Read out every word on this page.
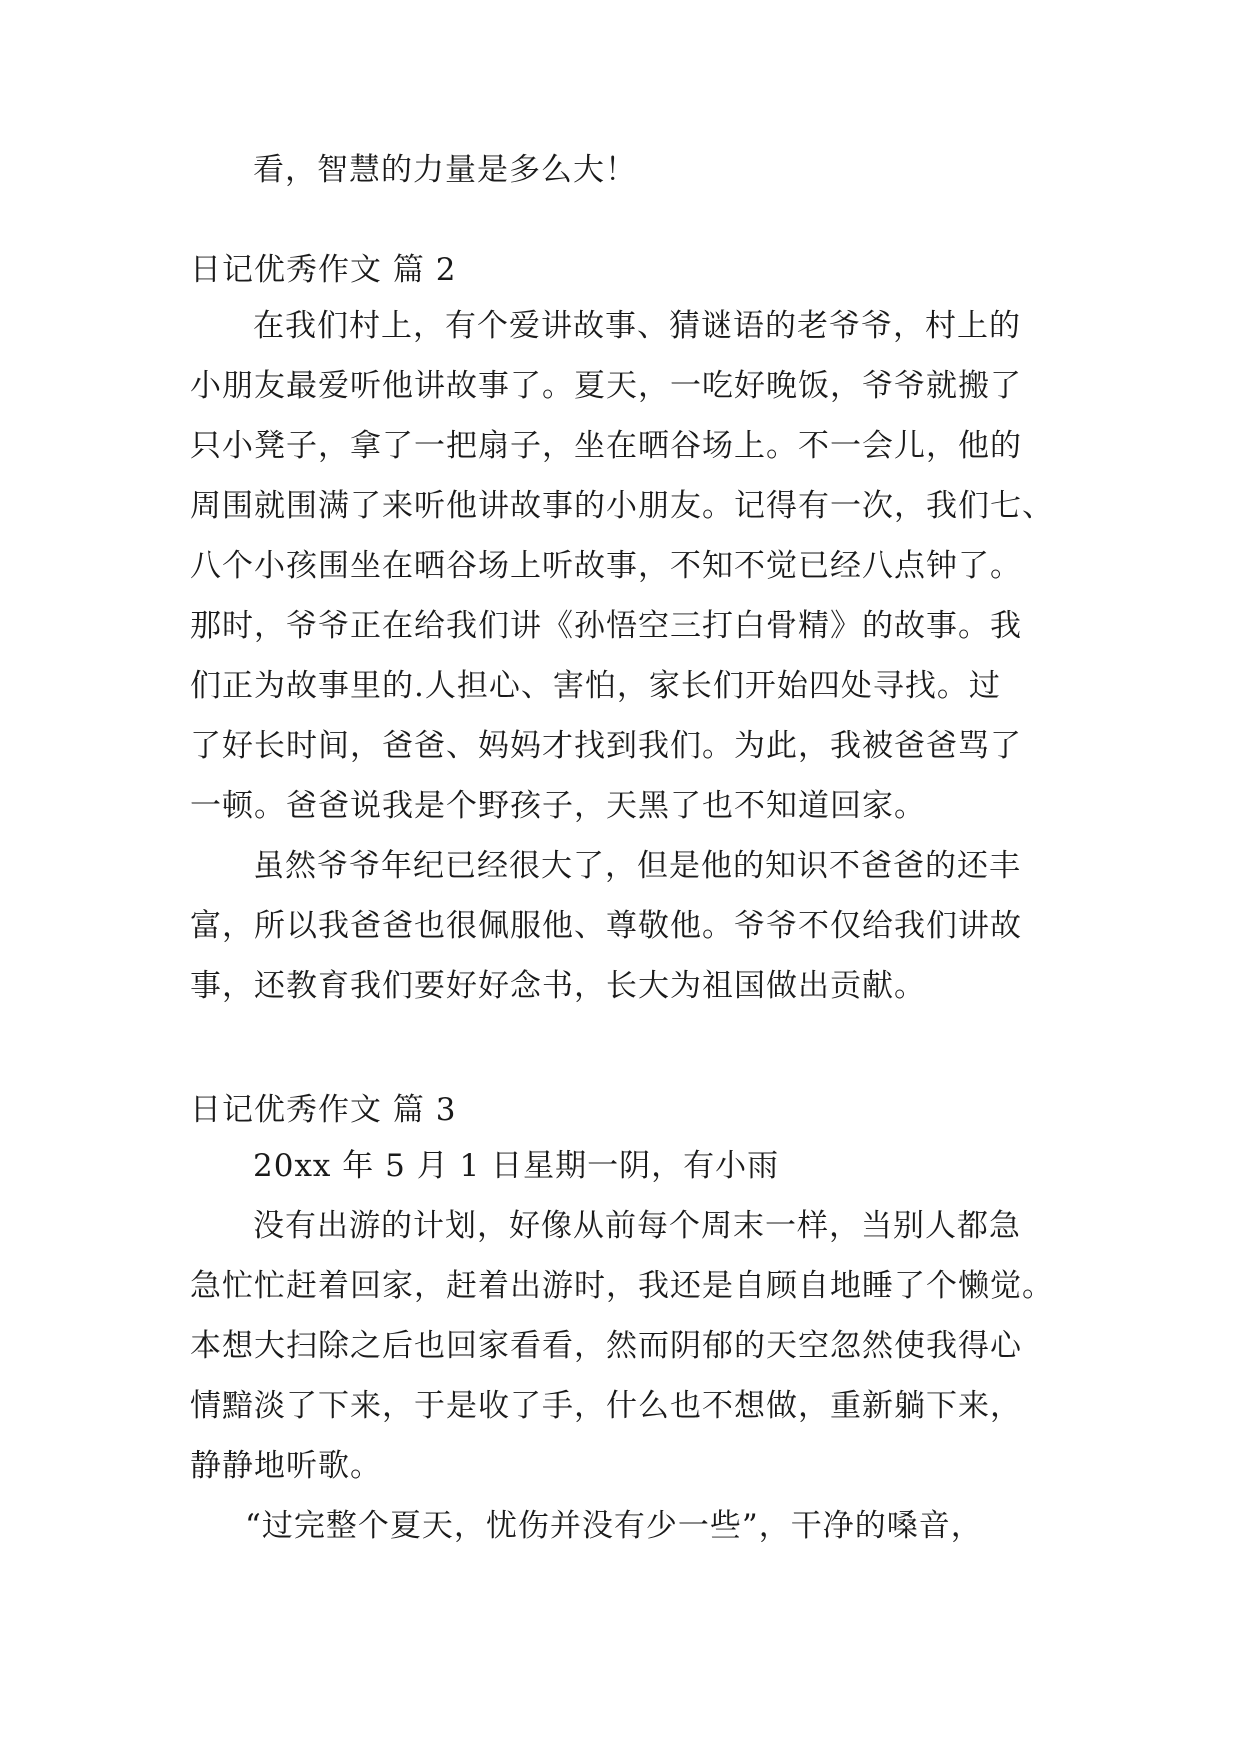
看，智慧的力量是多么大！
日记优秀作文 篇 2
在我们村上，有个爱讲故事、猜谜语的老爷爷，村上的
小朋友最爱听他讲故事了。夏天，一吃好晚饭，爷爷就搬了
只小凳子，拿了一把扇子，坐在晒谷场上。不一会儿，他的
周围就围满了来听他讲故事的小朋友。记得有一次，我们七、
八个小孩围坐在晒谷场上听故事，不知不觉已经八点钟了。
那时，爷爷正在给我们讲《孙悟空三打白骨精》的故事。我
们正为故事里的.人担心、害怕，家长们开始四处寻找。过
了好长时间，爸爸、妈妈才找到我们。为此，我被爸爸骂了
一顿。爸爸说我是个野孩子，天黑了也不知道回家。
虽然爷爷年纪已经很大了，但是他的知识不爸爸的还丰
富，所以我爸爸也很佩服他、尊敬他。爷爷不仅给我们讲故
事，还教育我们要好好念书，长大为祖国做出贡献。
日记优秀作文 篇 3
20xx 年 5 月 1 日星期一阴，有小雨
没有出游的计划，好像从前每个周末一样，当别人都急
急忙忙赶着回家，赶着出游时，我还是自顾自地睡了个懒觉。
本想大扫除之后也回家看看，然而阴郁的天空忽然使我得心
情黯淡了下来，于是收了手，什么也不想做，重新躺下来，
静静地听歌。
“过完整个夏天，忧伤并没有少一些”，干净的嗓音，
